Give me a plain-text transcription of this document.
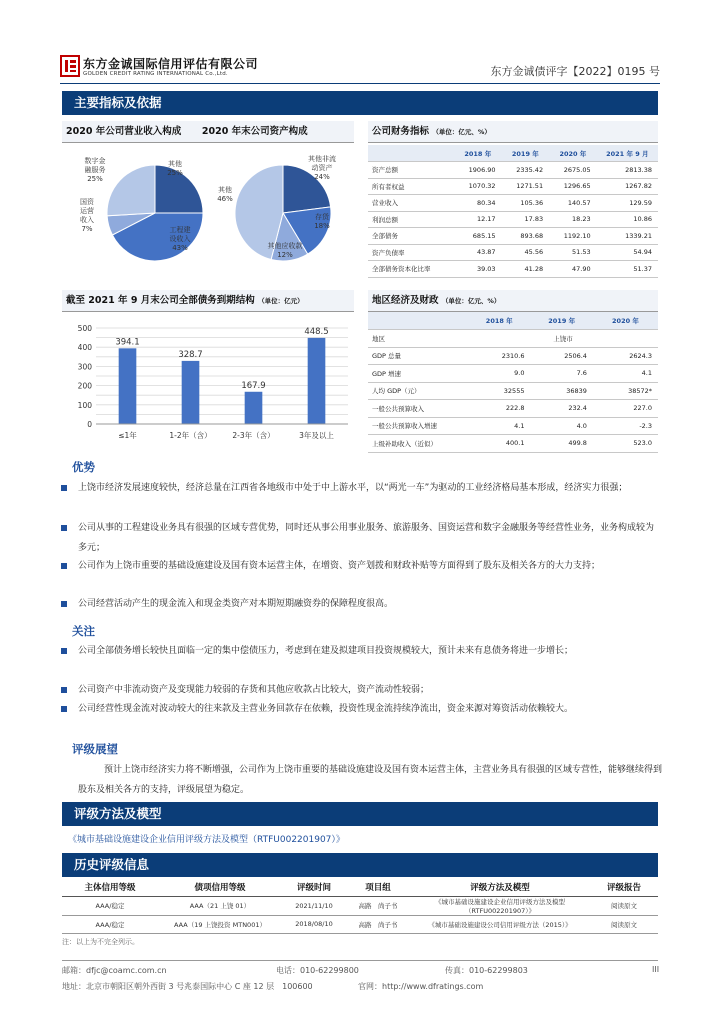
东方金诚国际信用评估有限公司
GOLDEN CREDIT RATING INTERNATIONAL Co.,Ltd.	东方金诚债评字【2022】0195 号
主要指标及依据
2020 年公司营业收入构成 2020 年末公司资产构成
其他
25%
工程建
设收入
43%
国资
运营
收入
7%
数字金
融服务
25%
其他非流
动资产
24%
存货
18%
其他应收款
12%
其他
46%
公司财务指标 （单位：亿元、%）
	2018 年	2019 年	2020 年	2021 年 9 月
资产总额	1906.90	2335.42	2675.05	2813.38
所有者权益	1070.32	1271.51	1296.65	1267.82
营业收入	80.34	105.36	140.57	129.59
利润总额	12.17	17.83	18.23	10.86
全部债务	685.15	893.68	1192.10	1339.21
资产负债率	43.87	45.56	51.53	54.94
全部债务资本化比率	39.03	41.28	47.90	51.37
截至 2021 年 9 月末公司全部债务到期结构 （单位：亿元）
0
100
200
300
400
500
394.1
≤1年
328.7
1-2年（含）
167.9
2-3年（含）
448.5
3年及以上
地区经济及财政 （单位：亿元、%）
	2018 年	2019 年	2020 年
地区	上饶市		
GDP 总量	2310.6	2506.4	2624.3
GDP 增速	9.0	7.6	4.1
人均 GDP（元）	32555	36839	38572*
一般公共预算收入	222.8	232.4	227.0
一般公共预算收入增速	4.1	4.0	-2.3
上级补助收入（近似）	400.1	499.8	523.0
优势
上饶市经济发展速度较快，经济总量在江西省各地级市中处于中上游水平，以“两光一车”为驱动的工业经济格局基本形成，经济实力很强；
公司从事的工程建设业务具有很强的区域专营优势，同时还从事公用事业服务、旅游服务、国资运营和数字金融服务等经营性业务，业务构成较为多元；
公司作为上饶市重要的基础设施建设及国有资本运营主体，在增资、资产划拨和财政补贴等方面得到了股东及相关各方的大力支持；
公司经营活动产生的现金流入和现金类资产对本期短期融资券的保障程度很高。
关注
公司全部债务增长较快且面临一定的集中偿债压力，考虑到在建及拟建项目投资规模较大，预计未来有息债务将进一步增长；
公司资产中非流动资产及变现能力较弱的存货和其他应收款占比较大，资产流动性较弱；
公司经营性现金流对波动较大的往来款及主营业务回款存在依赖，投资性现金流持续净流出，资金来源对筹资活动依赖较大。
评级展望
预计上饶市经济实力将不断增强，公司作为上饶市重要的基础设施建设及国有资本运营主体，主营业务具有很强的区域专营性，能够继续得到股东及相关各方的支持，评级展望为稳定。
评级方法及模型
《城市基础设施建设企业信用评级方法及模型（RTFU002201907）》
历史评级信息
主体信用等级	债项信用等级	评级时间	项目组	评级方法及模型	评级报告
AAA/稳定	AAA（21 上饶 01）	2021/11/10	高路　尚子书	《城市基础设施建设企业信用评级方法及模型
（RTFU002201907）》	阅读原文
AAA/稳定	AAA（19 上饶投资 MTN001）	2018/08/10	高路　尚子书	《城市基础设施建设公司信用评级方法（2015）》	阅读原文
注：以上为不完全列示。
邮箱：dfjc@coamc.com.cn	电话：010-62299800	传真：010-62299803	III
地址：北京市朝阳区朝外西街 3 号兆泰国际中心 C 座 12 层　100600	官网：http://www.dfratings.com
